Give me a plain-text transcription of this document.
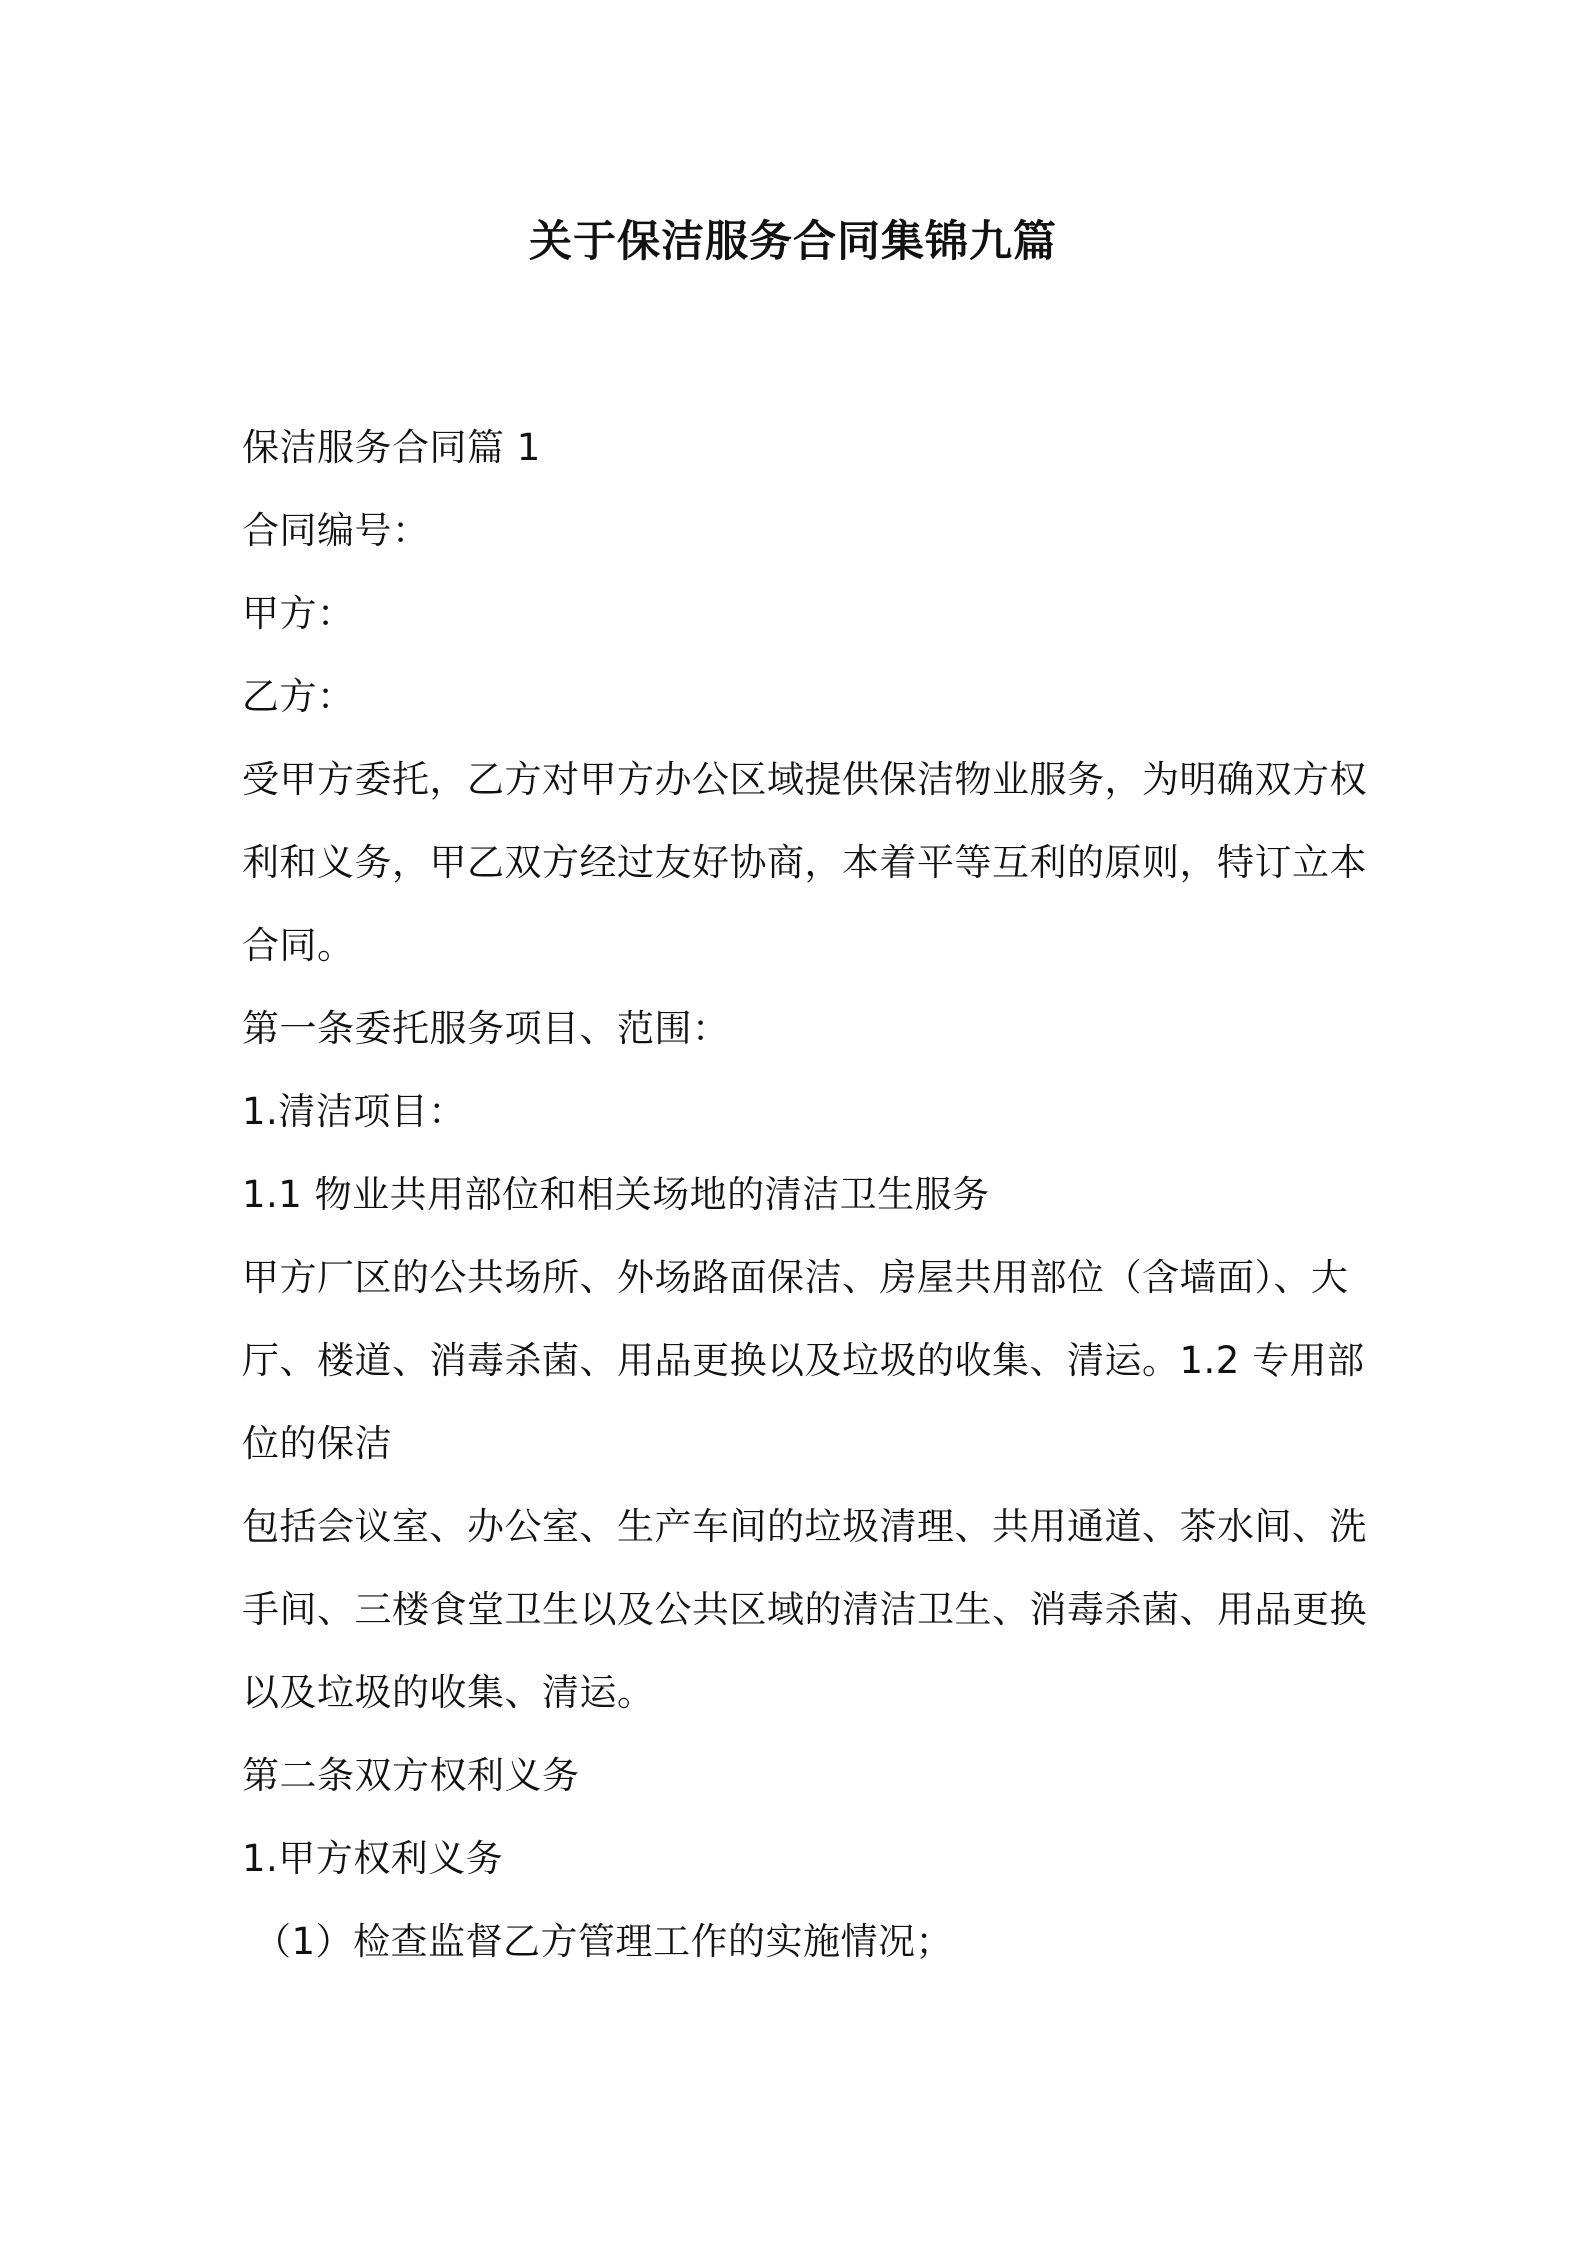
关于保洁服务合同集锦九篇

保洁服务合同篇 1

合同编号：

甲方：

乙方：

受甲方委托，乙方对甲方办公区域提供保洁物业服务，为明确双方权

利和义务，甲乙双方经过友好协商，本着平等互利的原则，特订立本

合同。

第一条委托服务项目、范围：

1.清洁项目：

1.1 物业共用部位和相关场地的清洁卫生服务

甲方厂区的公共场所、外场路面保洁、房屋共用部位（含墙面）、大

厅、楼道、消毒杀菌、用品更换以及垃圾的收集、清运。1.2 专用部

位的保洁

包括会议室、办公室、生产车间的垃圾清理、共用通道、茶水间、洗

手间、三楼食堂卫生以及公共区域的清洁卫生、消毒杀菌、用品更换

以及垃圾的收集、清运。

第二条双方权利义务

1.甲方权利义务

（1）检查监督乙方管理工作的实施情况；
